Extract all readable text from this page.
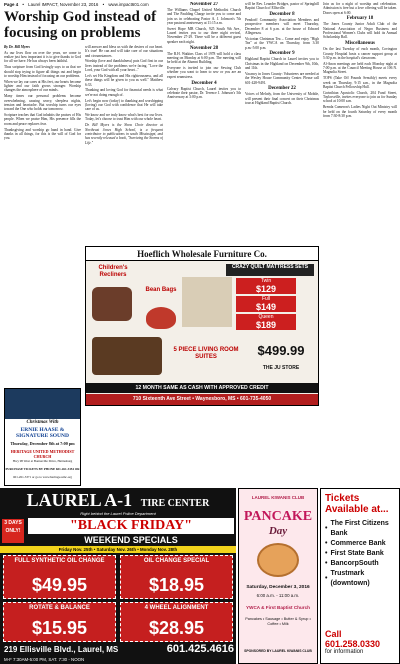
Page 4 • Laurel IMPACT, November 23, 2016 • www.impact601.com
Worship God instead of focusing on problems

By Dr. Bill Myers

As our lives flow on over the years, we come to realize just how important it is to give thanks to God for all we have. He has always been faithful.

Thus scripture from God lovingly says to us that we should stop trying to figure all things out and begin to worship Him instead of focusing on our problems.

When we lay our cares at His feet, our hearts become lighter and our faith grows stronger. Worship changes the atmosphere of our minds.

Many times our personal problems become overwhelming, causing worry, sleepless nights, tension and heartache. But worship turns our eyes toward the One who holds our tomorrow.

Scripture teaches that God inhabits the praises of His people. When we praise Him, His presence fills the room and peace replaces fear.

Thanksgiving and worship go hand in hand. Give thanks in all things, for this is the will of God for you.

will answer and bless us with the desires of our heart. It's true! He can and will take care of our situations and circumstances.

Worship (love and thankfulness) puts God first in our lives instead of the problems we're facing. "Love the Lord, your God with all your heart..."

Let's set His Kingdom and His righteousness, and all these things will be given to you as well." Matthew 6:33.

Thanking and loving God for financial needs is what we're not doing enough of.

Let's begin now (today) to thanking and worshipping (loving) our God with confidence that He will take care of us.

We know and we truly know what's best for our lives. Today, let's choose to trust Him with our whole heart.

Dr. Bill Myers is the Show Choir director at Northeast Jones High School, is a frequent contributor to publications in south Mississippi, and has recently released a book, "Surviving the Storms of Life."

November 27

The Williams Chapel United Methodist Church and The Paulding Charge invite you to come and join us in celebrating Pastor A. J. Johnson's 7th year pastoral anniversary at 11:15 a.m.

Sweet Hope MB Church, 925 South 9th Ave., Laurel invites you to our three night revival, November 27-29. There will be a different guest speaker each night.

November 28

The R.H. Watkins Class of 1978 will hold a class meeting on Monday at 6:00 p.m. The meeting will be held at the Alumni Building.

Everyone is invited to join our Sewing Club whether you want to learn to sew or you are an expert seamstress.

December 4

Calvary Baptist Church, Laurel invites you to celebrate their pastor, Dr. Terence J. Johnson's 5th Anniversary at 3:00 p.m.

will be Rev. Leander Bridges, pastor of Springhill Baptist Church of Ellisville.

December 8

Pendorff Community Association Members and prospective members will meet Thursday, December 8 at 6 p.m. at the house of Edward Allegrezza.

Victorian Christmas Tea – Come and enjoy "High Tea" at the YWCA on Thursday, from 3:30 p.m.-5:00 p.m.

December 9

Highland Baptist Church in Laurel invites you to Christmas in the Highland on December 9th, 10th, and 11th.

Vacancy in Jones County: Volunteers are needed at the Wesley House Community Center. Please call 601-428-9491.

December 22

Voices of Melody, from the University of Mobile, will present their final concert on their Christmas tour at Highland Baptist Church.

Join us for a night of worship and celebration. Admission is free but a love offering will be taken. Doors open at 6:00.

February 18

The Jones County Junior Adult Club of the National Association of Negro Business and Professional Women's Clubs will hold its Annual Scholarship Ball.

Miscellaneous

On the last Tuesday of each month, Covington County Hospital hosts a cancer support group at 5:30 p.m. in the hospital's classroom.

Al-Anon meetings are held each Monday night at 7:00 p.m. at the Council Meeting House at 106 N. Magnolia Street.

TOPS (Take Off Pounds Sensibly) meets every week on Thursday, 9:15 a.m., in the Magnolia Baptist Church Fellowship Hall.

Corinthian Apostolic Church, 204 Fund Street, Taylorsville, invites everyone to join us for Sunday school at 10:00 a.m.

Brenda Cameron's Ladies Night Out Ministry will be held on the fourth Saturday of every month from 7:30-8:30 p.m.

Hoeflich Wholesale Furniture Co.
Children's Recliners
Bean Bags
CRAZY QUILT MATTRESS SETS
Twin
$129
Full
$149
Queen
$189
5 PIECE LIVING ROOM SUITES	$499.99
THE JU STORE
12 MONTH SAME AS CASH WITH APPROVED CREDIT
710 Sixteenth Ave Street • Waynesboro, MS • 601-735-4050
Christmas With
ERNIE HAASE & SIGNATURE SOUND
Thursday, December 8th at 7:00 pm
HERITAGE UNITED METHODIST CHURCH
Hwy 98 West at Bonneville Drive, Hattiesburg
PURCHASE TICKETS BY PHONE 601-261-3354 OR
601-261-3371 or go to www.heritage-umc.org
LAUREL A-1 TIRE CENTER
Right behind the Laurel Police Department
3 DAYS ONLY!	"BLACK FRIDAY"
WEEKEND SPECIALS
Friday Nov. 25th • Saturday Nov. 26th • Monday Nov. 28th
FULL SYNTHETIC OIL CHANGE
$49.95
OIL CHANGE SPECIAL
$18.95
ROTATE & BALANCE
$15.95
4 WHEEL ALIGNMENT
$28.95
219 Ellisville Blvd., Laurel, MS	601.425.4616
M-F 7:30AM-5:00 PM, SAT. 7:30 - NOON
LAUREL KIWANIS CLUB
PANCAKE
Day
Saturday, December 3, 2016
6:00 a.m. - 11:00 a.m.
YWCA & First Baptist Church
Pancakes • Sausage • Butter & Syrup • Coffee • Milk
SPONSORED BY LAUREL KIWANIS CLUB
Tickets Available at...
•
The First Citizens Bank
• Commerce Bank
• First State Bank
• BancorpSouth
•
Trustmark (downtown)
Call 601.258.0330
for information
